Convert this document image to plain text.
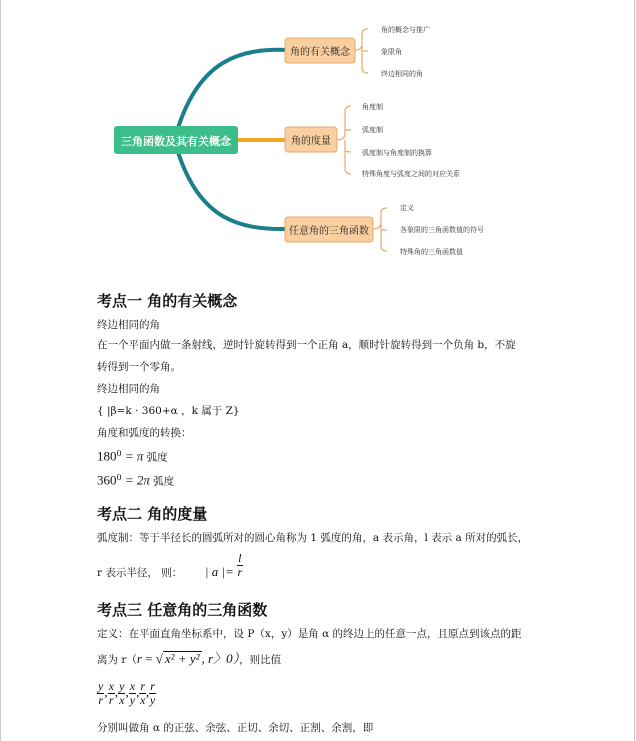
三角函数及其有关概念
角的有关概念
角的概念与推广
象限角
终边相同的角
角的度量
角度制
弧度制
弧度制与角度制的换算
特殊角度与弧度之间的对应关系
任意角的三角函数
定义
各象限的三角函数值的符号
特殊角的三角函数值
考点一 角的有关概念
终边相同的角
在一个平面内做一条射线，逆时针旋转得到一个正角 a，顺时针旋转得到一个负角 b，不旋
转得到一个零角。
终边相同的角
{ |β=k · 360+α ，k 属于 Z}
角度和弧度的转换：
$180^0 = \pi$ 弧度
$360^0 = 2\pi$ 弧度
考点二 角的度量
弧度制：等于半径长的圆弧所对的圆心角称为 1 弧度的角，a 表示角，l 表示 a 所对的弧长，
r 表示半径， 则： | a |= $\frac{l}{r}$
考点三 任意角的三角函数
定义：在平面直角坐标系中，设 P（x，y）是角 α 的终边上的任意一点，且原点到该点的距
离为 r（r = √ x² + y² , r〉0），则比值
$\frac{y}{r}$ , $\frac{x}{r}$ , $\frac{y}{x}$ , $\frac{x}{y}$ , $\frac{r}{x}$ , $\frac{r}{y}$
分别叫做角 α 的正弦、余弦、正切、余切、正割、余割，即
